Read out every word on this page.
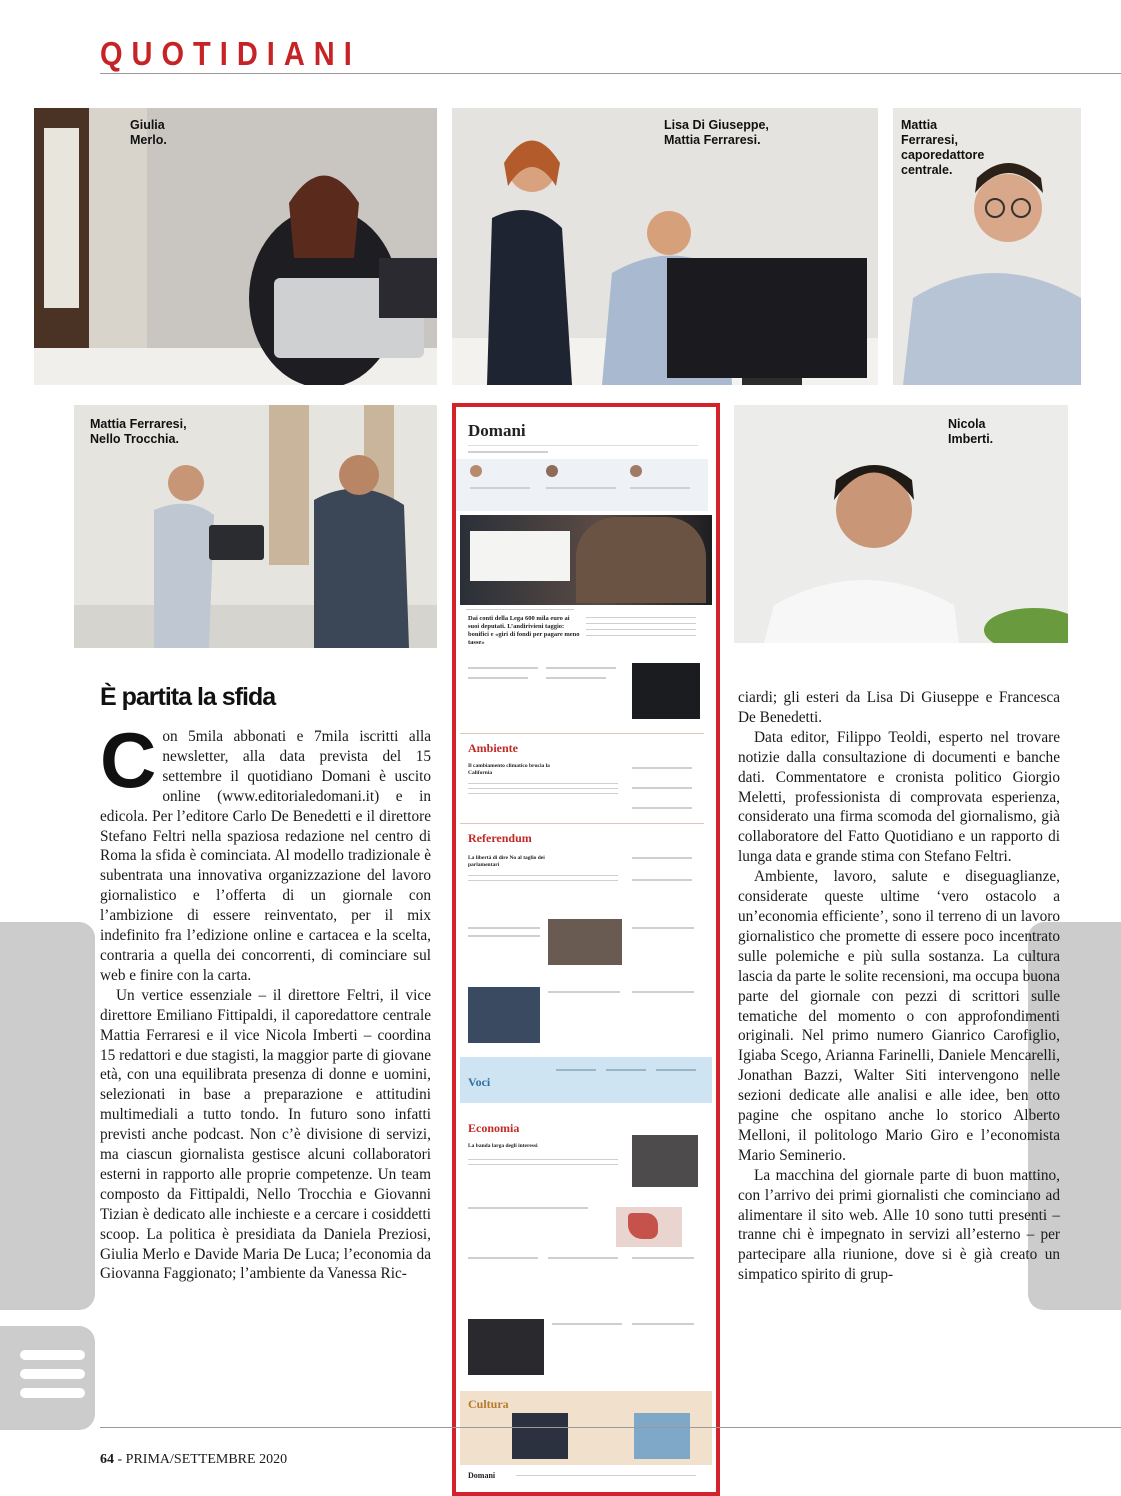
QUOTIDIANI
Giulia
Merlo.
Lisa Di Giuseppe,
Mattia Ferraresi.
Mattia
Ferraresi,
caporedattore
centrale.
Mattia Ferraresi,
Nello Trocchia.
Nicola
Imberti.
È partita la sfida

Con 5mila abbonati e 7mila iscritti alla newsletter, alla data prevista del 15 settembre il quotidiano Domani è uscito online (www.editorialedomani.it) e in edicola. Per l’editore Carlo De Benedetti e il direttore Stefano Feltri nella spaziosa redazione nel centro di Roma la sfida è cominciata. Al modello tradizionale è subentrata una innovativa organizzazione del lavoro giornalistico e l’offerta di un giornale con l’ambizione di essere reinventato, per il mix indefinito fra l’edizione online e cartacea e la scelta, contraria a quella dei concorrenti, di cominciare sul web e finire con la carta.

Un vertice essenziale – il direttore Feltri, il vice direttore Emiliano Fittipaldi, il caporedattore centrale Mattia Ferraresi e il vice Nicola Imberti – coordina 15 redattori e due stagisti, la maggior parte di giovane età, con una equilibrata presenza di donne e uomini, selezionati in base a preparazione e attitudini multimediali a tutto tondo. In futuro sono infatti previsti anche podcast. Non c’è divisione di servizi, ma ciascun giornalista gestisce alcuni collaboratori esterni in rapporto alle proprie competenze. Un team composto da Fittipaldi, Nello Trocchia e Giovanni Tizian è dedicato alle inchieste e a cercare i cosiddetti scoop. La politica è presidiata da Daniela Preziosi, Giulia Merlo e Davide Maria De Luca; l’economia da Giovanna Faggionato; l’ambiente da Vanessa Ric-

ciardi; gli esteri da Lisa Di Giuseppe e Francesca De Benedetti.

Data editor, Filippo Teoldi, esperto nel trovare notizie dalla consultazione di documenti e banche dati. Commentatore e cronista politico Giorgio Meletti, professionista di comprovata esperienza, considerato una firma scomoda del giornalismo, già collaboratore del Fatto Quotidiano e un rapporto di lunga data e grande stima con Stefano Feltri.

Ambiente, lavoro, salute e diseguaglianze, considerate queste ultime ‘vero ostacolo a un’economia efficiente’, sono il terreno di un lavoro giornalistico che promette di essere poco incentrato sulle polemiche e più sulla sostanza. La cultura lascia da parte le solite recensioni, ma occupa buona parte del giornale con pezzi di scrittori sulle tematiche del momento o con approfondimenti originali. Nel primo numero Gianrico Carofiglio, Igiaba Scego, Arianna Farinelli, Daniele Mencarelli, Jonathan Bazzi, Walter Siti intervengono nelle sezioni dedicate alle analisi e alle idee, ben otto pagine che ospitano anche lo storico Alberto Melloni, il politologo Mario Giro e l’economista Mario Seminerio.

La macchina del giornale parte di buon mattino, con l’arrivo dei primi giornalisti che cominciano ad alimentare il sito web. Alle 10 sono tutti presenti – tranne chi è impegnato in servizi all’esterno – per partecipare alla riunione, dove si è già creato un simpatico spirito di grup-

Domani
Dai conti della Lega 600 mila euro ai suoi deputati. L’andirivieni taggio: bonifici e «giri di fondi per pagare meno tasse»
Ambiente
Il cambiamento climatico brucia la California
Referendum
La libertà di dire No al taglio dei parlamentari
Voci
Economia
La banda larga degli interessi
Cultura
Domani
64 - PRIMA/SETTEMBRE 2020
